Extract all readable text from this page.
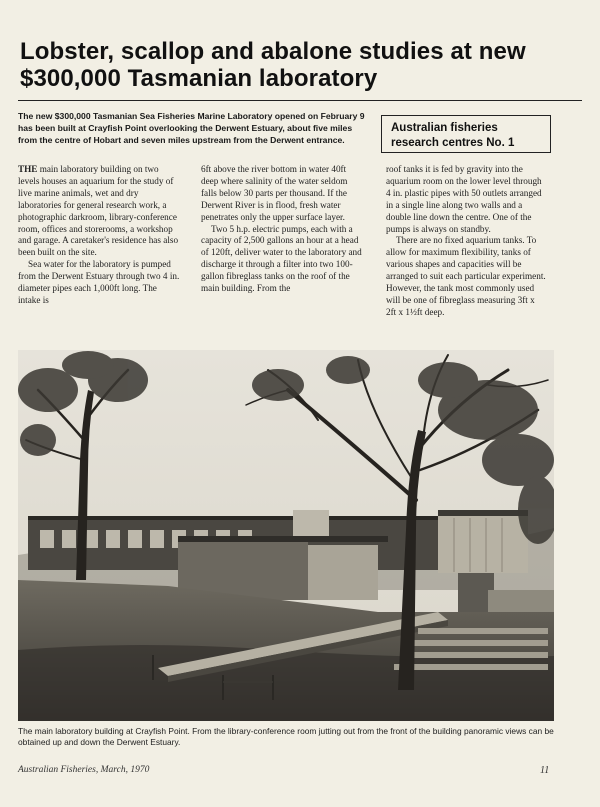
Lobster, scallop and abalone studies at new
$300,000 Tasmanian laboratory
The new $300,000 Tasmanian Sea Fisheries Marine Laboratory opened on February 9 has been built at Crayfish Point overlooking the Derwent Estuary, about five miles from the centre of Hobart and seven miles upstream from the Derwent entrance.
Australian fisheries
research centres No. 1

THE main laboratory building on two levels houses an aquarium for the study of live marine animals, wet and dry laboratories for general research work, a photographic darkroom, library-conference room, offices and storerooms, a workshop and garage. A caretaker's residence has also been built on the site.

Sea water for the laboratory is pumped from the Derwent Estuary through two 4 in. diameter pipes each 1,000ft long. The intake is

6ft above the river bottom in water 40ft deep where salinity of the water seldom falls below 30 parts per thousand. If the Derwent River is in flood, fresh water penetrates only the upper surface layer.

Two 5 h.p. electric pumps, each with a capacity of 2,500 gallons an hour at a head of 120ft, deliver water to the laboratory and discharge it through a filter into two 100-gallon fibreglass tanks on the roof of the main building. From the

roof tanks it is fed by gravity into the aquarium room on the lower level through 4 in. plastic pipes with 50 outlets arranged in a single line along two walls and a double line down the centre. One of the pumps is always on standby.

There are no fixed aquarium tanks. To allow for maximum flexibility, tanks of various shapes and capacities will be arranged to suit each particular experiment. However, the tank most commonly used will be one of fibreglass measuring 3ft x 2ft x 1½ft deep.

The main laboratory building at Crayfish Point. From the library-conference room jutting out from the front of the building panoramic views can be obtained up and down the Derwent Estuary.
Australian Fisheries, March, 1970	11
